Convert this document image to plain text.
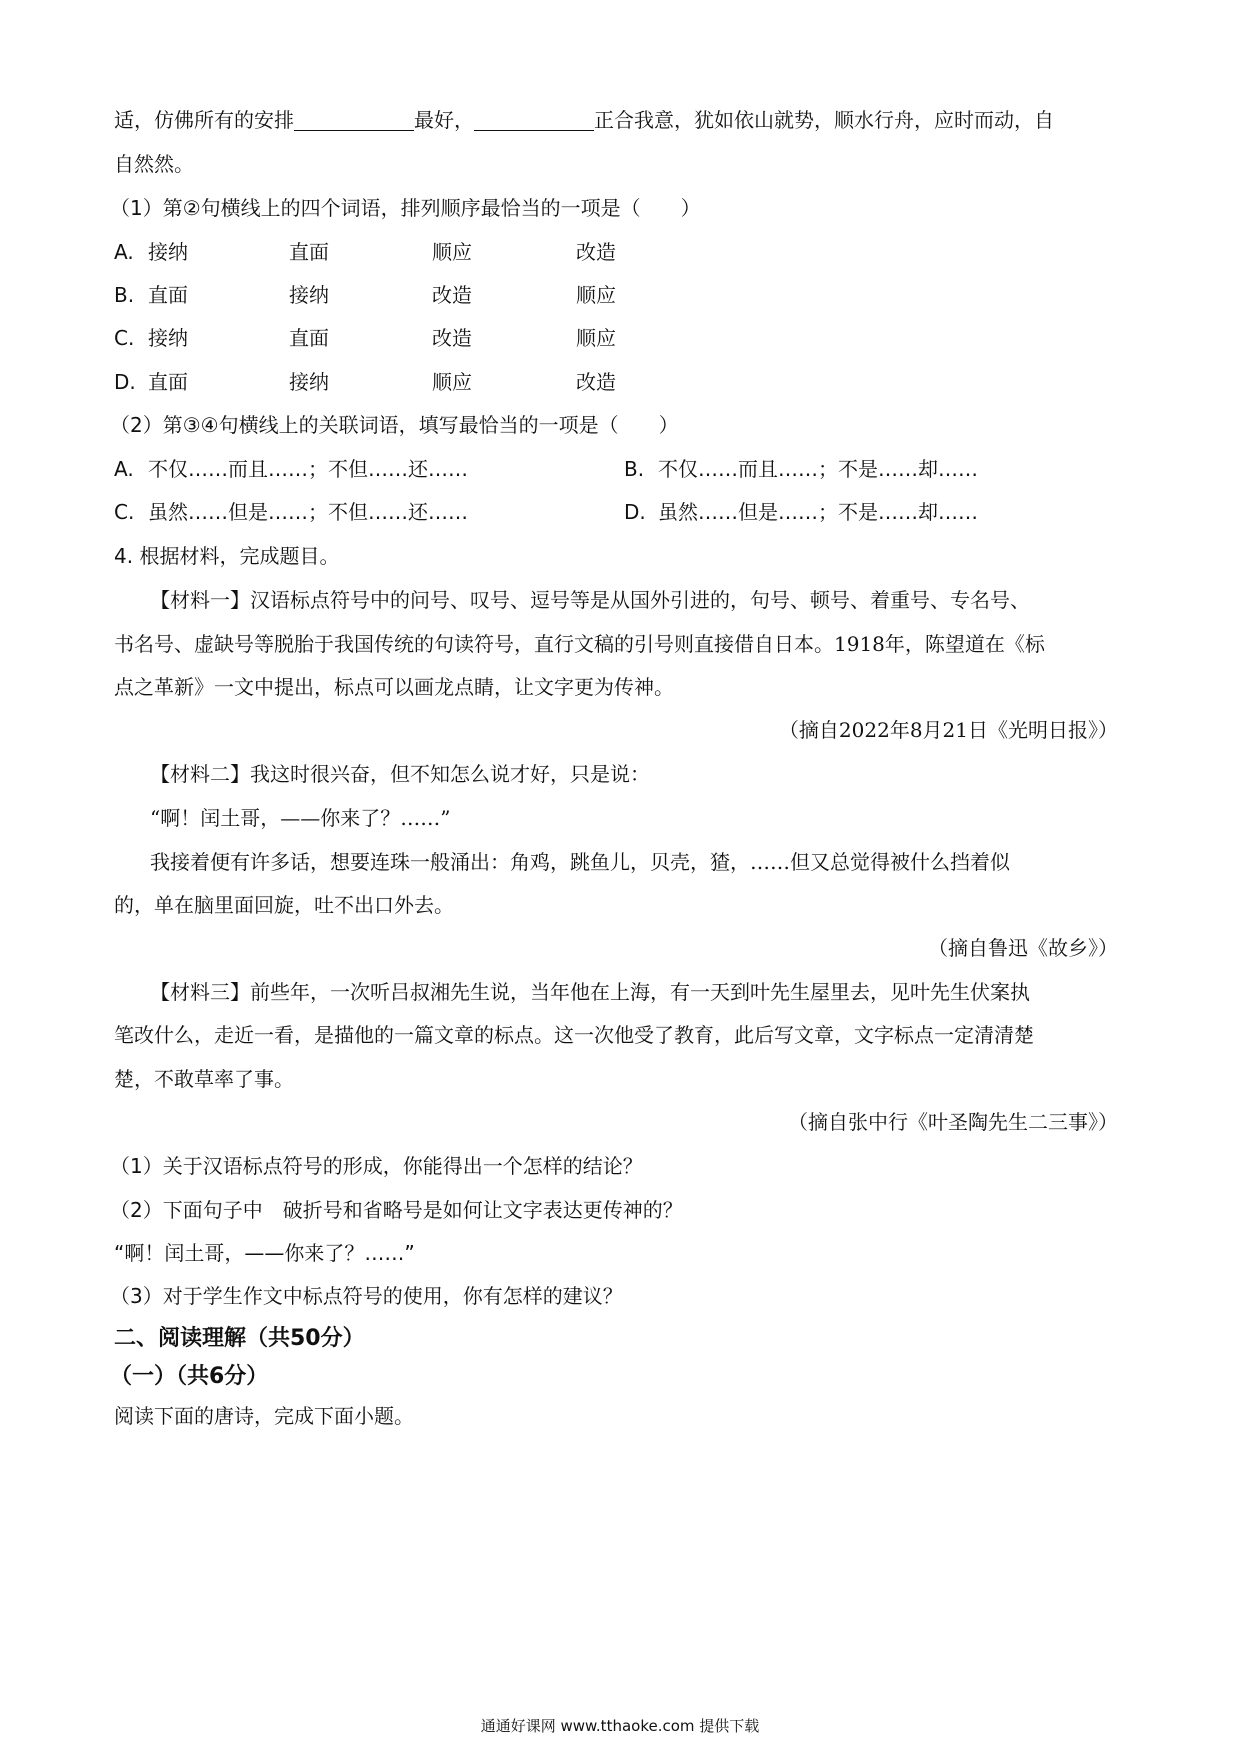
适，仿佛所有的安排	最好，	正合我意，犹如依山就势，顺水行舟，应时而动，自
自然然。
（1）第②句横线上的四个词语，排列顺序最恰当的一项是（　　）
A. 接纳	直面	顺应	改造
B. 直面	接纳	改造	顺应
C. 接纳	直面	改造	顺应
D. 直面	接纳	顺应	改造
（2）第③④句横线上的关联词语，填写最恰当的一项是（　　）
A. 不仅……而且……；不但……还……	B. 不仅……而且……；不是……却……
C. 虽然……但是……；不但……还……	D. 虽然……但是……；不是……却……
4. 根据材料，完成题目。
【材料一】汉语标点符号中的问号、叹号、逗号等是从国外引进的，句号、顿号、着重号、专名号、
书名号、虚缺号等脱胎于我国传统的句读符号，直行文稿的引号则直接借自日本。1918年，陈望道在《标
点之革新》一文中提出，标点可以画龙点睛，让文字更为传神。
（摘自2022年8月21日《光明日报》）
【材料二】我这时很兴奋，但不知怎么说才好，只是说：
“啊！闰土哥，——你来了？……”
我接着便有许多话，想要连珠一般涌出：角鸡，跳鱼儿，贝壳，猹，……但又总觉得被什么挡着似
的，单在脑里面回旋，吐不出口外去。
（摘自鲁迅《故乡》）
【材料三】前些年，一次听吕叔湘先生说，当年他在上海，有一天到叶先生屋里去，见叶先生伏案执
笔改什么，走近一看，是描他的一篇文章的标点。这一次他受了教育，此后写文章，文字标点一定清清楚
楚，不敢草率了事。
（摘自张中行《叶圣陶先生二三事》）
（1）关于汉语标点符号的形成，你能得出一个怎样的结论？
（2）下面句子中　破折号和省略号是如何让文字表达更传神的？
“啊！闰土哥，——你来了？……”
（3）对于学生作文中标点符号的使用，你有怎样的建议？
二、阅读理解（共50分）
（一）（共6分）
阅读下面的唐诗，完成下面小题。
通通好课网 www.tthaoke.com 提供下载
